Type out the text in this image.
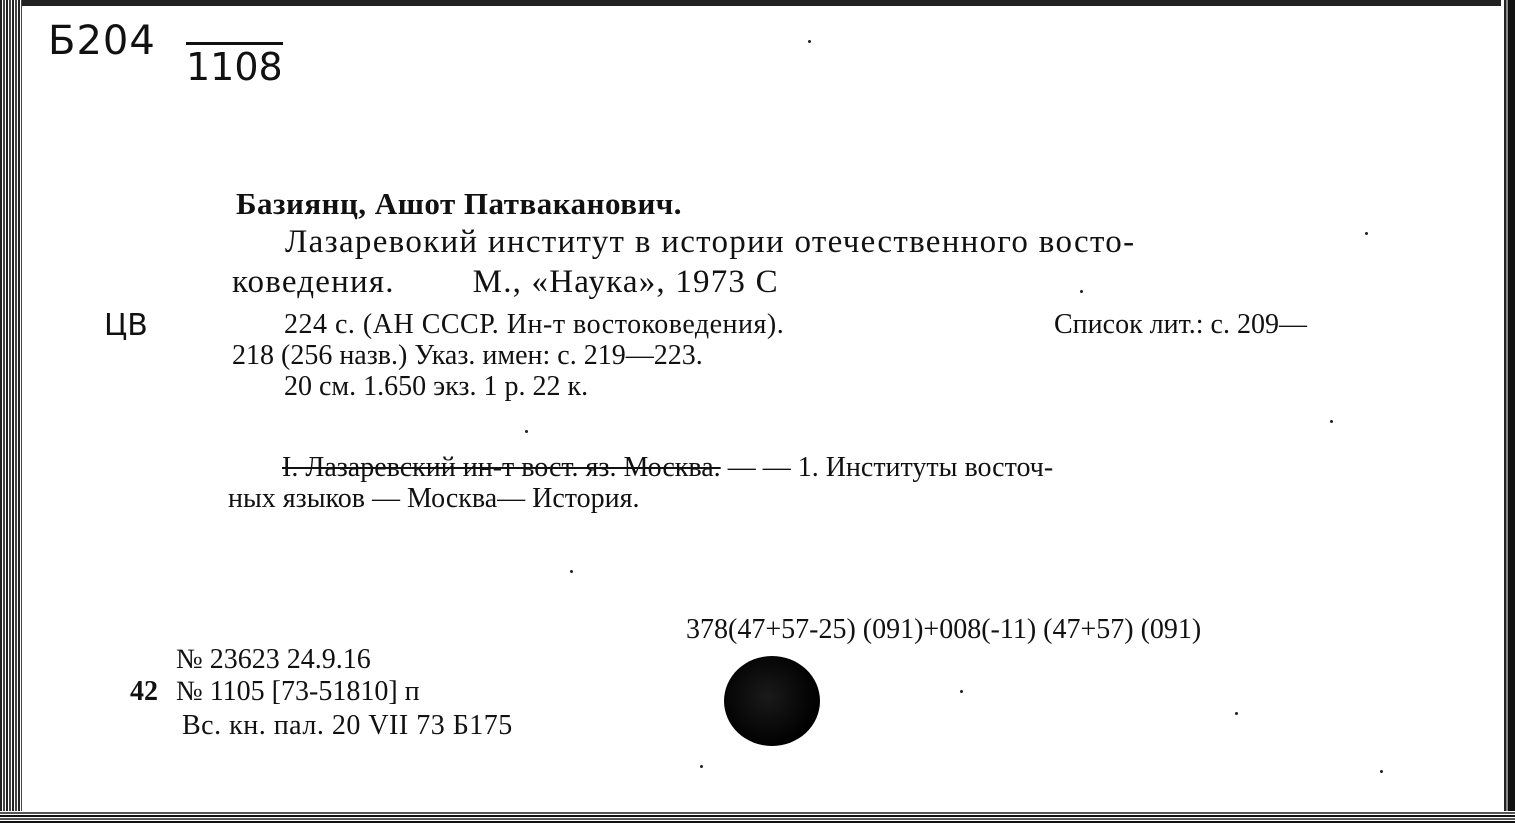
Б204
1108
ЦВ
Базиянц, Ашот Патваканович.
Лазаревокий институт в истории отечественного восто-
коведения. М., «Наука», 1973 С
224 с. (АН СССР. Ин-т востоковедения).	Список лит.: с. 209—
218 (256 назв.) Указ. имен: с. 219—223.
20 см. 1.650 экз. 1 р. 22 к.
I. Лазаревский ин-т вост. яз. Москва. — — 1. Институты восточ-
ных языков — Москва— История.
378(47+57-25) (091)+008(-11) (47+57) (091)
№ 23623 24.9.16
42 № 1105 [73-51810] п
Вс. кн. пал. 20 VII 73 Б175
